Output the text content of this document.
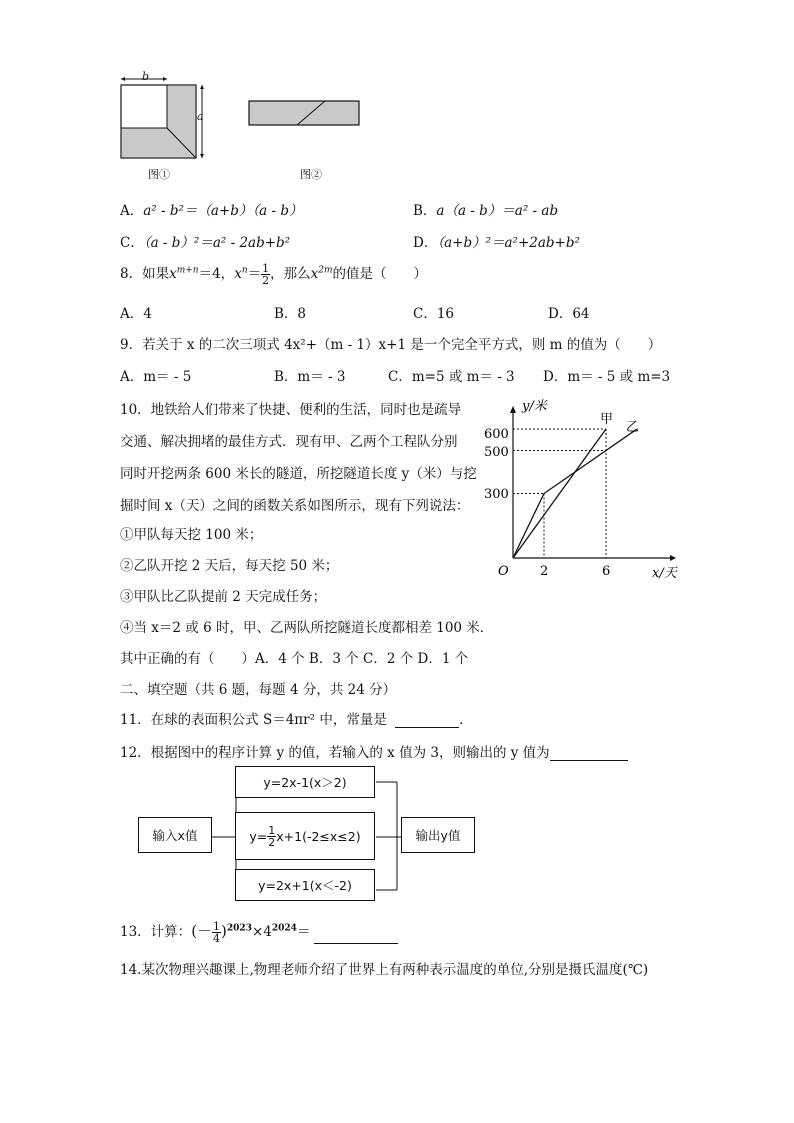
b
a
图①	图②
A．a² - b²＝（a+b）（a - b）	B．a（a - b）＝a² - ab
C．（a - b）²＝a² - 2ab+b²	D．（a+b）²＝a²+2ab+b²
8．如果$x^{m+n}=4$，$x^n= \frac{1}{2}$ ，那么$x^{2m}$的值是（　　）
A．4	B．8	C．16	D．64
9．若关于 x 的二次三项式 4x²+（m - 1）x+1 是一个完全平方式，则 m 的值为（　　）
A．m＝ - 5	B．m＝ - 3	C．m=5 或 m＝ - 3 D．m＝ - 5 或 m=3
10．地铁给人们带来了快捷、便利的生活，同时也是疏导
交通、解决拥堵的最佳方式．现有甲、乙两个工程队分别
同时开挖两条 600 米长的隧道，所挖隧道长度 y（米）与挖
掘时间 x（天）之间的函数关系如图所示，现有下列说法：
①甲队每天挖 100 米；
②乙队开挖 2 天后，每天挖 50 米；
③甲队比乙队提前 2 天完成任务；
④当 x＝2 或 6 时，甲、乙两队所挖隧道长度都相差 100 米．
其中正确的有（　　）A．4 个 B．3 个 C．2 个 D．1 个
y/米
x/天
O 2	6
300
500
600
甲
乙
二、填空题（共 6 题，每题 4 分，共 24 分）
11．在球的表面积公式 S＝4πr² 中，常量是	．
12．根据图中的程序计算 y 的值，若输入的 x 值为 3，则输出的 y 值为
输入x值
y=2x-1(x＞2)
$y= \frac{1}{2} x+1(-2\le x\le 2)$
y=2x+1(x＜-2)
输出y值
13．计算：(－ $\frac{1}{4} )^{2023}\times 4^{2024}=$
14.某次物理兴趣课上,物理老师介绍了世界上有两种表示温度的单位,分别是摄氏温度(℃)
